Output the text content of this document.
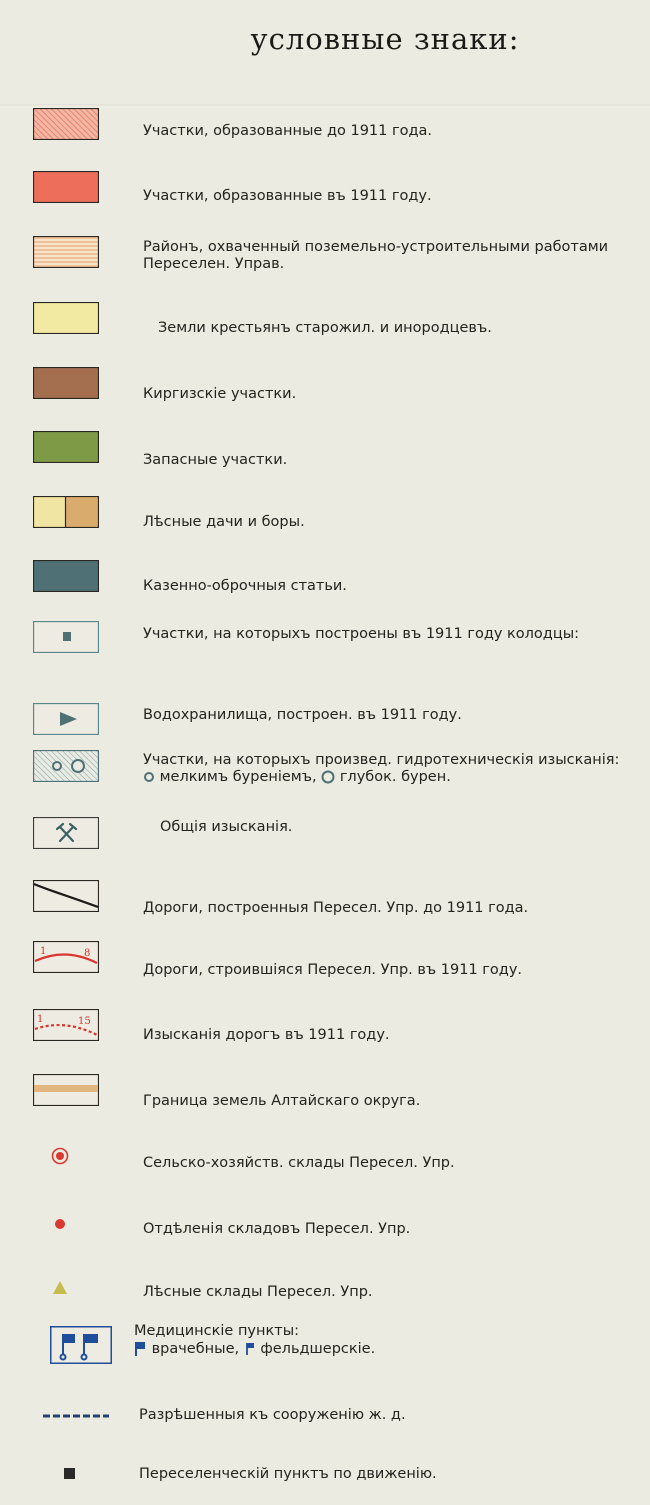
условные знаки:
Участки, образованные до 1911 года.
Участки, образованные въ 1911 году.
Районъ, охваченный поземельно-устроительными работами
Переселен. Управ.
Земли крестьянъ старожил. и инородцевъ.
Киргизскіе участки.
Запасные участки.
Лѣсные дачи и боры.
Казенно-оброчныя статьи.
Участки, на которыхъ построены въ 1911 году колодцы:
Водохранилища, построен. въ 1911 году.
Участки, на которыхъ произвед. гидротехническія изысканія:
мелкимъ буреніемъ, глубок. бурен.
Общія изысканія.
Дороги, построенныя Пересел. Упр. до 1911 года.
1	8
Дороги, строившіяся Пересел. Упр. въ 1911 году.
1	15
Изысканія дорогъ въ 1911 году.
Граница земель Алтайскаго округа.
Сельско-хозяйств. склады Пересел. Упр.
Отдѣленія складовъ Пересел. Упр.
Лѣсные склады Пересел. Упр.
Медицинскіе пункты:
врачебные, фельдшерскіе.
Разрѣшенныя къ сооруженію ж. д.
Переселенческій пунктъ по движенію.
